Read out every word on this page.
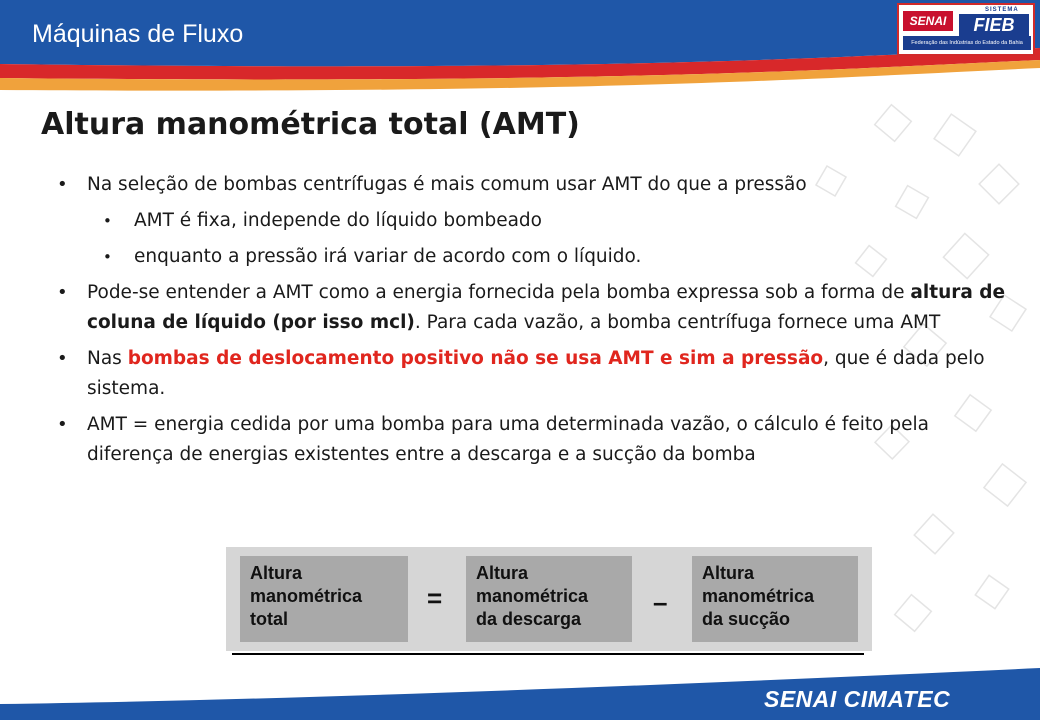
Máquinas de Fluxo	SENAI
SISTEMA
FIEB
Federação das Indústrias do Estado da Bahia
Altura manométrica total (AMT)
• Na seleção de bombas centrífugas é mais comum usar AMT do que a pressão
• AMT é fixa, independe do líquido bombeado
• enquanto a pressão irá variar de acordo com o líquido.
• Pode-se entender a AMT como a energia fornecida pela bomba expressa sob a forma de altura de coluna de líquido (por isso mcl). Para cada vazão, a bomba centrífuga fornece uma AMT
• Nas bombas de deslocamento positivo não se usa AMT e sim a pressão, que é dada pelo sistema.
• AMT = energia cedida por uma bomba para uma determinada vazão, o cálculo é feito pela diferença de energias existentes entre a descarga e a sucção da bomba
Altura
manométrica
total
=
Altura
manométrica
da descarga
–
Altura
manométrica
da sucção
SENAI CIMATEC
